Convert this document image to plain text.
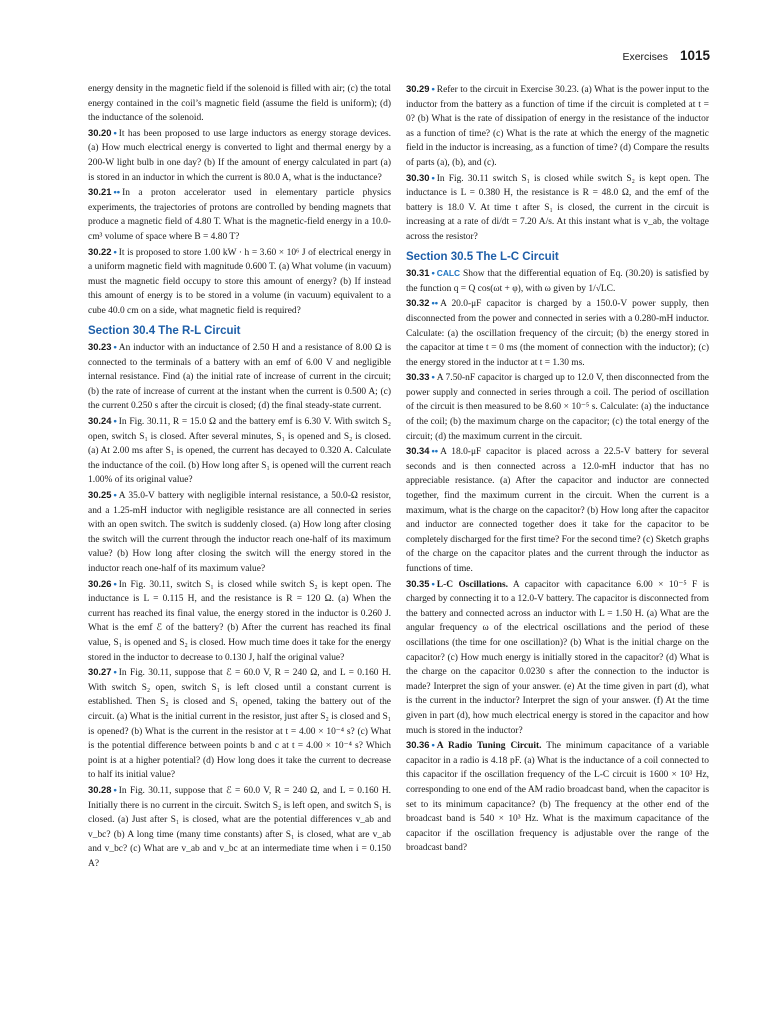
Exercises 1015

energy density in the magnetic field if the solenoid is filled with air; (c) the total energy contained in the coil’s magnetic field (assume the field is uniform); (d) the inductance of the solenoid.

30.20 • It has been proposed to use large inductors as energy storage devices. (a) How much electrical energy is converted to light and thermal energy by a 200-W light bulb in one day? (b) If the amount of energy calculated in part (a) is stored in an inductor in which the current is 80.0 A, what is the inductance?

30.21 •• In a proton accelerator used in elementary particle physics experiments, the trajectories of protons are controlled by bending magnets that produce a magnetic field of 4.80 T. What is the magnetic-field energy in a 10.0-cm³ volume of space where B = 4.80 T?

30.22 • It is proposed to store 1.00 kW · h = 3.60 × 10⁶ J of electrical energy in a uniform magnetic field with magnitude 0.600 T. (a) What volume (in vacuum) must the magnetic field occupy to store this amount of energy? (b) If instead this amount of energy is to be stored in a volume (in vacuum) equivalent to a cube 40.0 cm on a side, what magnetic field is required?

Section 30.4 The R-L Circuit

30.23 • An inductor with an inductance of 2.50 H and a resistance of 8.00 Ω is connected to the terminals of a battery with an emf of 6.00 V and negligible internal resistance. Find (a) the initial rate of increase of current in the circuit; (b) the rate of increase of current at the instant when the current is 0.500 A; (c) the current 0.250 s after the circuit is closed; (d) the final steady-state current.

30.24 • In Fig. 30.11, R = 15.0 Ω and the battery emf is 6.30 V. With switch S₂ open, switch S₁ is closed. After several minutes, S₁ is opened and S₂ is closed. (a) At 2.00 ms after S₁ is opened, the current has decayed to 0.320 A. Calculate the inductance of the coil. (b) How long after S₁ is opened will the current reach 1.00% of its original value?

30.25 • A 35.0-V battery with negligible internal resistance, a 50.0-Ω resistor, and a 1.25-mH inductor with negligible resistance are all connected in series with an open switch. The switch is suddenly closed. (a) How long after closing the switch will the current through the inductor reach one-half of its maximum value? (b) How long after closing the switch will the energy stored in the inductor reach one-half of its maximum value?

30.26 • In Fig. 30.11, switch S₁ is closed while switch S₂ is kept open. The inductance is L = 0.115 H, and the resistance is R = 120 Ω. (a) When the current has reached its final value, the energy stored in the inductor is 0.260 J. What is the emf ℰ of the battery? (b) After the current has reached its final value, S₁ is opened and S₂ is closed. How much time does it take for the energy stored in the inductor to decrease to 0.130 J, half the original value?

30.27 • In Fig. 30.11, suppose that ℰ = 60.0 V, R = 240 Ω, and L = 0.160 H. With switch S₂ open, switch S₁ is left closed until a constant current is established. Then S₂ is closed and S₁ opened, taking the battery out of the circuit. (a) What is the initial current in the resistor, just after S₂ is closed and S₁ is opened? (b) What is the current in the resistor at t = 4.00 × 10⁻⁴ s? (c) What is the potential difference between points b and c at t = 4.00 × 10⁻⁴ s? Which point is at a higher potential? (d) How long does it take the current to decrease to half its initial value?

30.28 • In Fig. 30.11, suppose that ℰ = 60.0 V, R = 240 Ω, and L = 0.160 H. Initially there is no current in the circuit. Switch S₂ is left open, and switch S₁ is closed. (a) Just after S₁ is closed, what are the potential differences v_ab and v_bc? (b) A long time (many time constants) after S₁ is closed, what are v_ab and v_bc? (c) What are v_ab and v_bc at an intermediate time when i = 0.150 A?

30.29 • Refer to the circuit in Exercise 30.23. (a) What is the power input to the inductor from the battery as a function of time if the circuit is completed at t = 0? (b) What is the rate of dissipation of energy in the resistance of the inductor as a function of time? (c) What is the rate at which the energy of the magnetic field in the inductor is increasing, as a function of time? (d) Compare the results of parts (a), (b), and (c).

30.30 • In Fig. 30.11 switch S₁ is closed while switch S₂ is kept open. The inductance is L = 0.380 H, the resistance is R = 48.0 Ω, and the emf of the battery is 18.0 V. At time t after S₁ is closed, the current in the circuit is increasing at a rate of di/dt = 7.20 A/s. At this instant what is v_ab, the voltage across the resistor?

Section 30.5 The L-C Circuit

30.31 • CALC Show that the differential equation of Eq. (30.20) is satisfied by the function q = Q cos(ωt + φ), with ω given by 1/√LC.

30.32 •• A 20.0-μF capacitor is charged by a 150.0-V power supply, then disconnected from the power and connected in series with a 0.280-mH inductor. Calculate: (a) the oscillation frequency of the circuit; (b) the energy stored in the capacitor at time t = 0 ms (the moment of connection with the inductor); (c) the energy stored in the inductor at t = 1.30 ms.

30.33 • A 7.50-nF capacitor is charged up to 12.0 V, then disconnected from the power supply and connected in series through a coil. The period of oscillation of the circuit is then measured to be 8.60 × 10⁻⁵ s. Calculate: (a) the inductance of the coil; (b) the maximum charge on the capacitor; (c) the total energy of the circuit; (d) the maximum current in the circuit.

30.34 •• A 18.0-μF capacitor is placed across a 22.5-V battery for several seconds and is then connected across a 12.0-mH inductor that has no appreciable resistance. (a) After the capacitor and inductor are connected together, find the maximum current in the circuit. When the current is a maximum, what is the charge on the capacitor? (b) How long after the capacitor and inductor are connected together does it take for the capacitor to be completely discharged for the first time? For the second time? (c) Sketch graphs of the charge on the capacitor plates and the current through the inductor as functions of time.

30.35 • L-C Oscillations. A capacitor with capacitance 6.00 × 10⁻⁵ F is charged by connecting it to a 12.0-V battery. The capacitor is disconnected from the battery and connected across an inductor with L = 1.50 H. (a) What are the angular frequency ω of the electrical oscillations and the period of these oscillations (the time for one oscillation)? (b) What is the initial charge on the capacitor? (c) How much energy is initially stored in the capacitor? (d) What is the charge on the capacitor 0.0230 s after the connection to the inductor is made? Interpret the sign of your answer. (e) At the time given in part (d), what is the current in the inductor? Interpret the sign of your answer. (f) At the time given in part (d), how much electrical energy is stored in the capacitor and how much is stored in the inductor?

30.36 • A Radio Tuning Circuit. The minimum capacitance of a variable capacitor in a radio is 4.18 pF. (a) What is the inductance of a coil connected to this capacitor if the oscillation frequency of the L-C circuit is 1600 × 10³ Hz, corresponding to one end of the AM radio broadcast band, when the capacitor is set to its minimum capacitance? (b) The frequency at the other end of the broadcast band is 540 × 10³ Hz. What is the maximum capacitance of the capacitor if the oscillation frequency is adjustable over the range of the broadcast band?
